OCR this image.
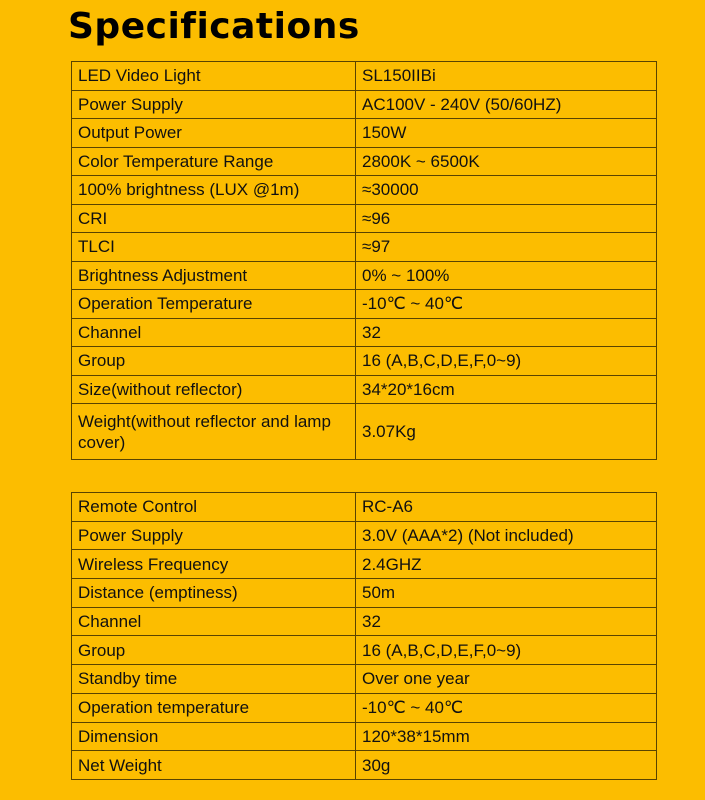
Specifications
LED Video Light	SL150IIBi
Power Supply	AC100V - 240V (50/60HZ)
Output Power	150W
Color Temperature Range	2800K ~ 6500K
100% brightness (LUX @1m)	≈30000
CRI	≈96
TLCI	≈97
Brightness Adjustment	0% ~ 100%
Operation Temperature	-10℃ ~ 40℃
Channel	32
Group	16 (A,B,C,D,E,F,0~9)
Size(without reflector)	34*20*16cm
Weight(without reflector and lamp cover)	3.07Kg
Remote Control	RC-A6
Power Supply	3.0V (AAA*2) (Not included)
Wireless Frequency	2.4GHZ
Distance (emptiness)	50m
Channel	32
Group	16 (A,B,C,D,E,F,0~9)
Standby time	Over one year
Operation temperature	-10℃ ~ 40℃
Dimension	120*38*15mm
Net Weight	30g
